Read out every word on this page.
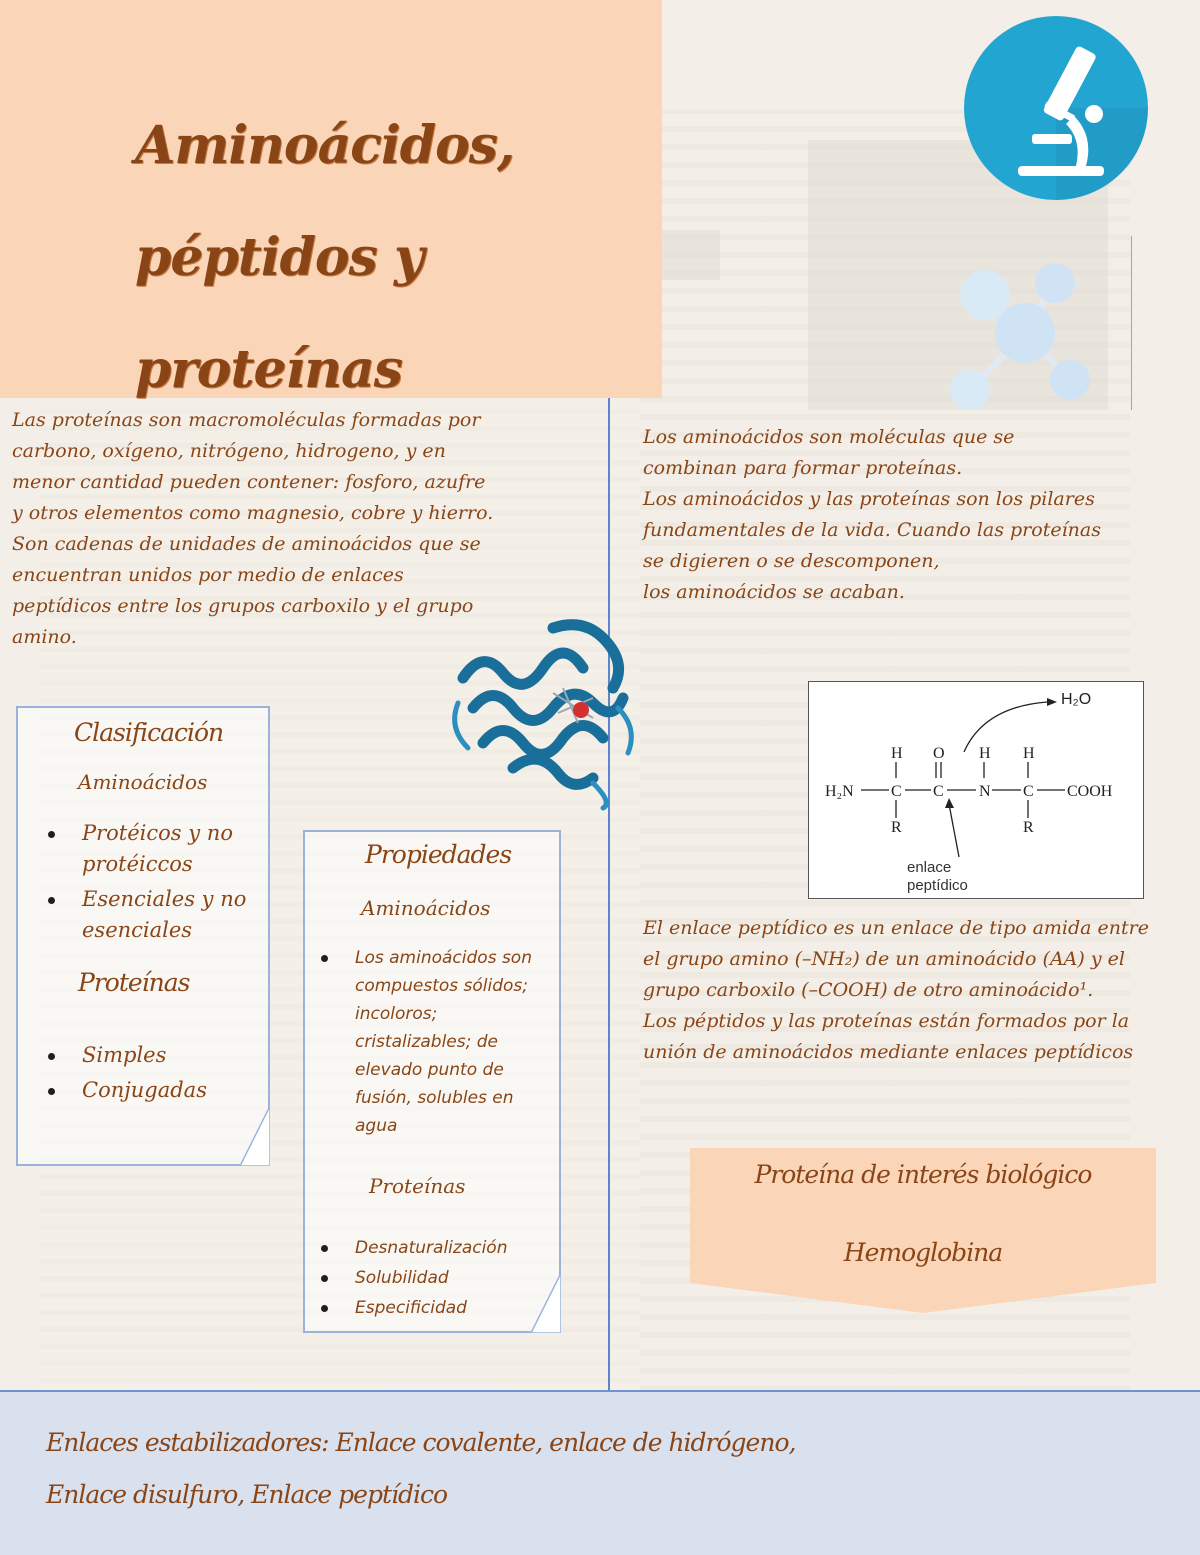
Aminoácidos,
péptidos y proteínas
Las proteínas son macromoléculas formadas por
carbono, oxígeno, nitrógeno, hidrogeno, y en
menor cantidad pueden contener: fosforo, azufre
y otros elementos como magnesio, cobre y hierro.
Son cadenas de unidades de aminoácidos que se
encuentran unidos por medio de enlaces
peptídicos entre los grupos carboxilo y el grupo
amino.
Los aminoácidos son moléculas que se
combinan para formar proteínas.
Los aminoácidos y las proteínas son los pilares
fundamentales de la vida. Cuando las proteínas
se digieren o se descomponen,
los aminoácidos se acaban.
Clasificación
Aminoácidos
Protéicos y no protéiccos
Esenciales y no esenciales
Proteínas
Simples
Conjugadas
Propiedades
Aminoácidos
Los aminoácidos son compuestos sólidos; incoloros; cristalizables; de elevado punto de fusión, solubles en agua
Proteínas
Desnaturalización
Solubilidad
Especificidad
H₂O
H O H H
H₂N C C N C COOH
R	R
enlace
peptídico
El enlace peptídico es un enlace de tipo amida entre
el grupo amino (–NH₂) de un aminoácido (AA) y el
grupo carboxilo (–COOH) de otro aminoácido¹.
Los péptidos y las proteínas están formados por la
unión de aminoácidos mediante enlaces peptídicos
Proteína de interés biológico
Hemoglobina
Enlaces estabilizadores: Enlace covalente, enlace de hidrógeno,
Enlace disulfuro, Enlace peptídico
